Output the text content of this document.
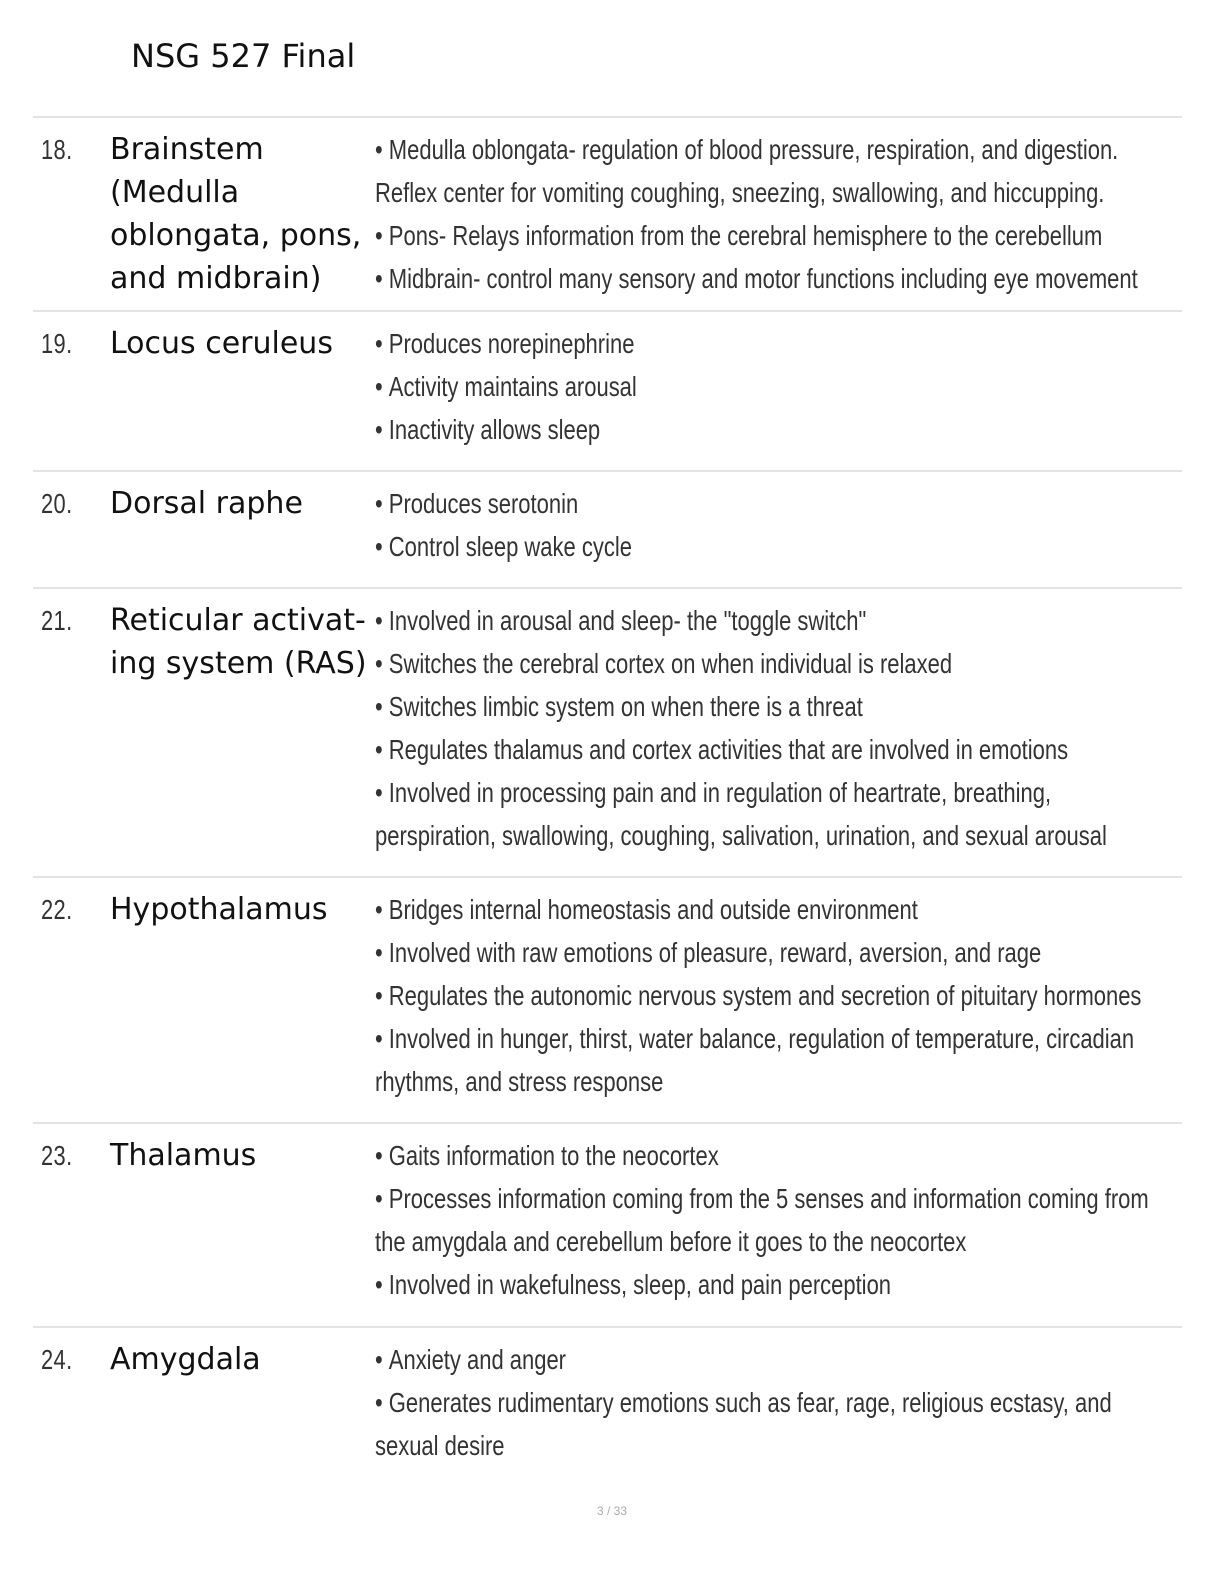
NSG 527 Final
18. Brainstem (Medulla oblongata, pons, and midbrain)

• Medulla oblongata- regulation of blood pressure, respiration, and digestion. Reflex center for vomiting coughing, sneezing, swallowing, and hiccupping.

• Pons- Relays information from the cerebral hemisphere to the cerebellum

• Midbrain- control many sensory and motor functions including eye movement

19. Locus ceruleus	• Produces norepinephrine

• Activity maintains arousal

• Inactivity allows sleep

20. Dorsal raphe	• Produces serotonin

• Control sleep wake cycle

21. Reticular activating system (RAS)

• Involved in arousal and sleep- the "toggle switch"

• Switches the cerebral cortex on when individual is relaxed

• Switches limbic system on when there is a threat

• Regulates thalamus and cortex activities that are involved in emotions

• Involved in processing pain and in regulation of heartrate, breathing, perspiration, swallowing, coughing, salivation, urination, and sexual arousal

22. Hypothalamus	• Bridges internal homeostasis and outside environment

• Involved with raw emotions of pleasure, reward, aversion, and rage

• Regulates the autonomic nervous system and secretion of pituitary hormones

• Involved in hunger, thirst, water balance, regulation of temperature, circadian rhythms, and stress response

23. Thalamus	• Gaits information to the neocortex

• Processes information coming from the 5 senses and information coming from the amygdala and cerebellum before it goes to the neocortex

• Involved in wakefulness, sleep, and pain perception

24. Amygdala	• Anxiety and anger

• Generates rudimentary emotions such as fear, rage, religious ecstasy, and sexual desire

3 / 33
